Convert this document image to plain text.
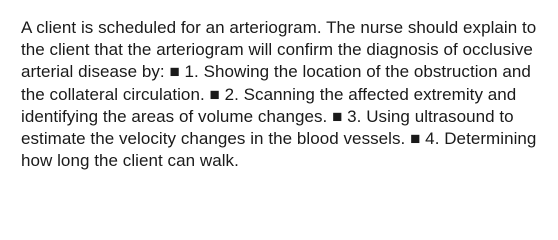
A client is scheduled for an arteriogram. The nurse should explain to the client that the arteriogram will confirm the diagnosis of occlusive arterial disease by: ■ 1. Showing the location of the obstruction and the collateral circulation. ■ 2. Scanning the affected extremity and identifying the areas of volume changes. ■ 3. Using ultrasound to estimate the velocity changes in the blood vessels. ■ 4. Determining how long the client can walk.
